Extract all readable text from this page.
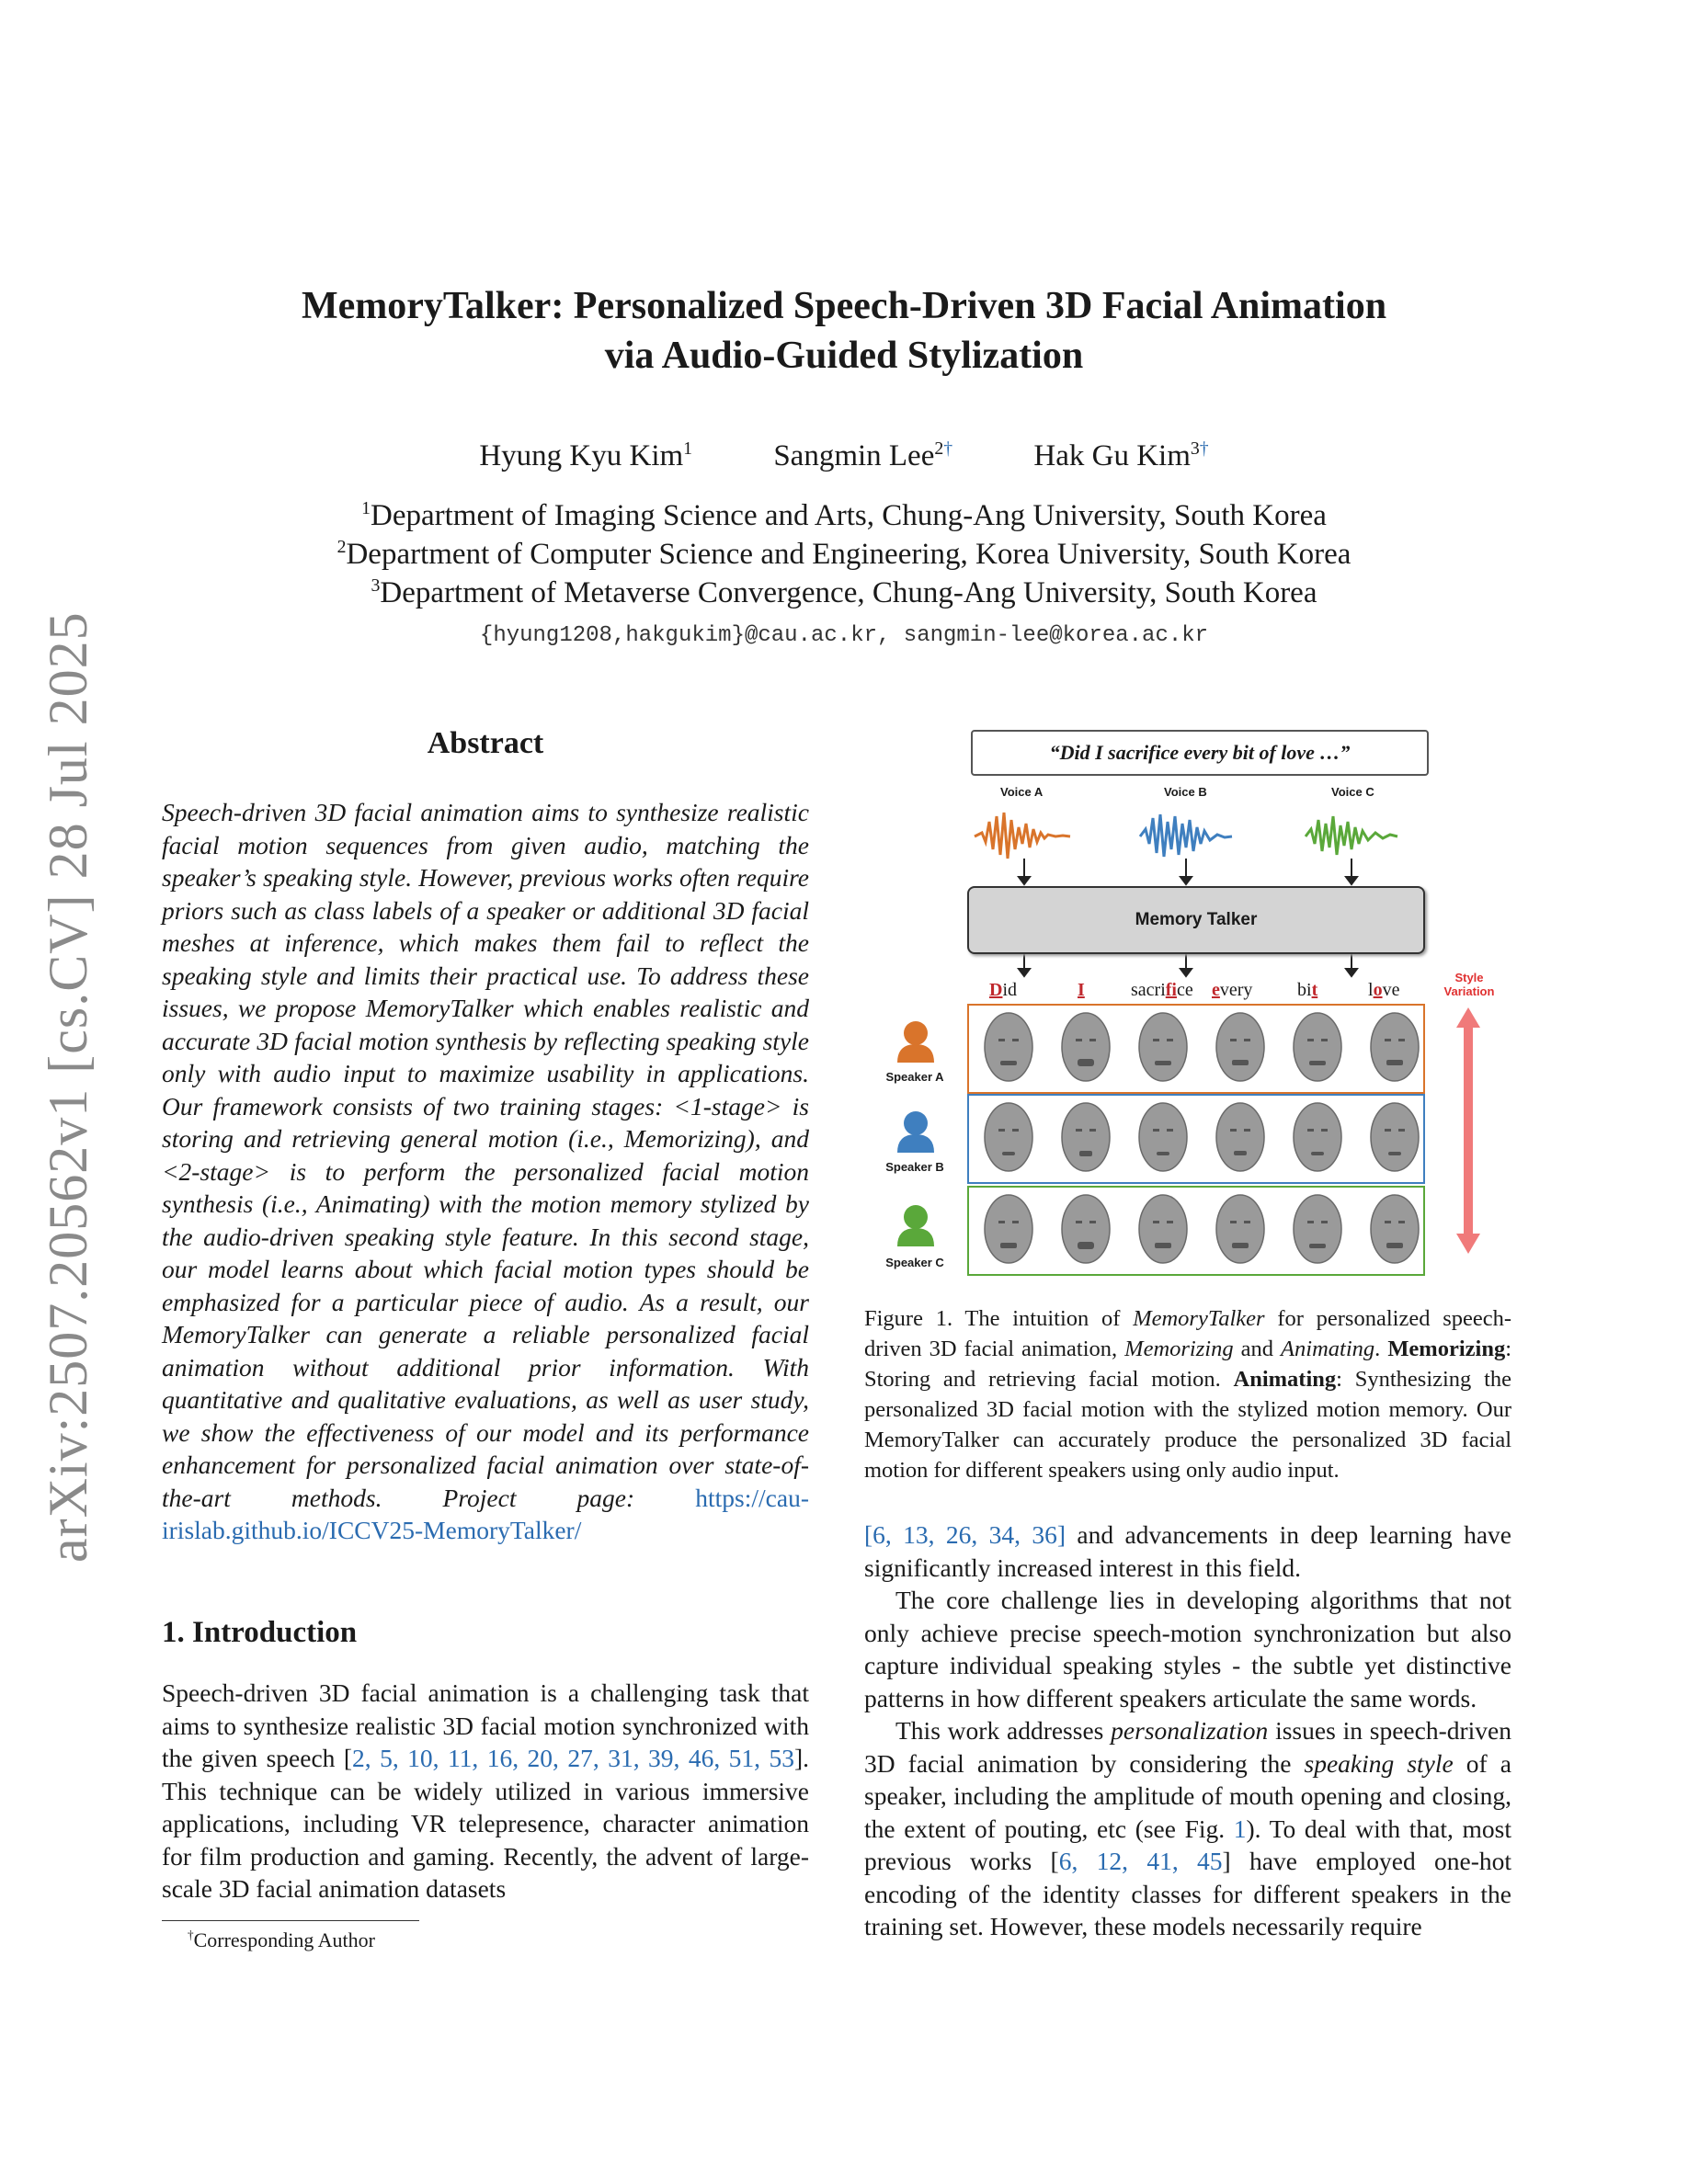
arXiv:2507.20562v1 [cs.CV] 28 Jul 2025
MemoryTalker: Personalized Speech-Driven 3D Facial Animation
via Audio-Guided Stylization
Hyung Kyu Kim$^1$	Sangmin Lee$^{2\dagger}$	Hak Gu Kim$^{3\dagger}$
$^1$Department of Imaging Science and Arts, Chung-Ang University, South Korea
$^2$Department of Computer Science and Engineering, Korea University, South Korea
$^3$Department of Metaverse Convergence, Chung-Ang University, South Korea
{hyung1208,hakgukim}@cau.ac.kr, sangmin-lee@korea.ac.kr
Abstract
Speech-driven 3D facial animation aims to synthesize realistic facial motion sequences from given audio, matching the speaker’s speaking style. However, previous works often require priors such as class labels of a speaker or additional 3D facial meshes at inference, which makes them fail to reflect the speaking style and limits their practical use. To address these issues, we propose MemoryTalker which enables realistic and accurate 3D facial motion synthesis by reflecting speaking style only with audio input to maximize usability in applications. Our framework consists of two training stages: <1-stage> is storing and retrieving general motion (i.e., Memorizing), and <2-stage> is to perform the personalized facial motion synthesis (i.e., Animating) with the motion memory stylized by the audio-driven speaking style feature. In this second stage, our model learns about which facial motion types should be emphasized for a particular piece of audio. As a result, our MemoryTalker can generate a reliable personalized facial animation without additional prior information. With quantitative and qualitative evaluations, as well as user study, we show the effectiveness of our model and its performance enhancement for personalized facial animation over state-of-the-art methods. Project page: https://cau-irislab.github.io/ICCV25-MemoryTalker/
1. Introduction
Speech-driven 3D facial animation is a challenging task that aims to synthesize realistic 3D facial motion synchronized with the given speech [2, 5, 10, 11, 16, 20, 27, 31, 39, 46, 51, 53]. This technique can be widely utilized in various immersive applications, including VR telepresence, character animation for film production and gaming. Recently, the advent of large-scale 3D facial animation datasets
†Corresponding Author
“Did I sacrifice every bit of love …”
Voice A	Voice B	Voice C
Memory Talker
Did	I	sacrifice every bit	love
Style
Variation
Speaker A
Speaker B
Speaker C
Figure 1. The intuition of MemoryTalker for personalized speech-driven 3D facial animation, Memorizing and Animating. Memorizing: Storing and retrieving facial motion. Animating: Synthesizing the personalized 3D facial motion with the stylized motion memory. Our MemoryTalker can accurately produce the personalized 3D facial motion for different speakers using only audio input.

[6, 13, 26, 34, 36] and advancements in deep learning have significantly increased interest in this field.

The core challenge lies in developing algorithms that not only achieve precise speech-motion synchronization but also capture individual speaking styles - the subtle yet distinctive patterns in how different speakers articulate the same words.

This work addresses personalization issues in speech-driven 3D facial animation by considering the speaking style of a speaker, including the amplitude of mouth opening and closing, the extent of pouting, etc (see Fig. 1). To deal with that, most previous works [6, 12, 41, 45] have employed one-hot encoding of the identity classes for different speakers in the training set. However, these models necessarily require
